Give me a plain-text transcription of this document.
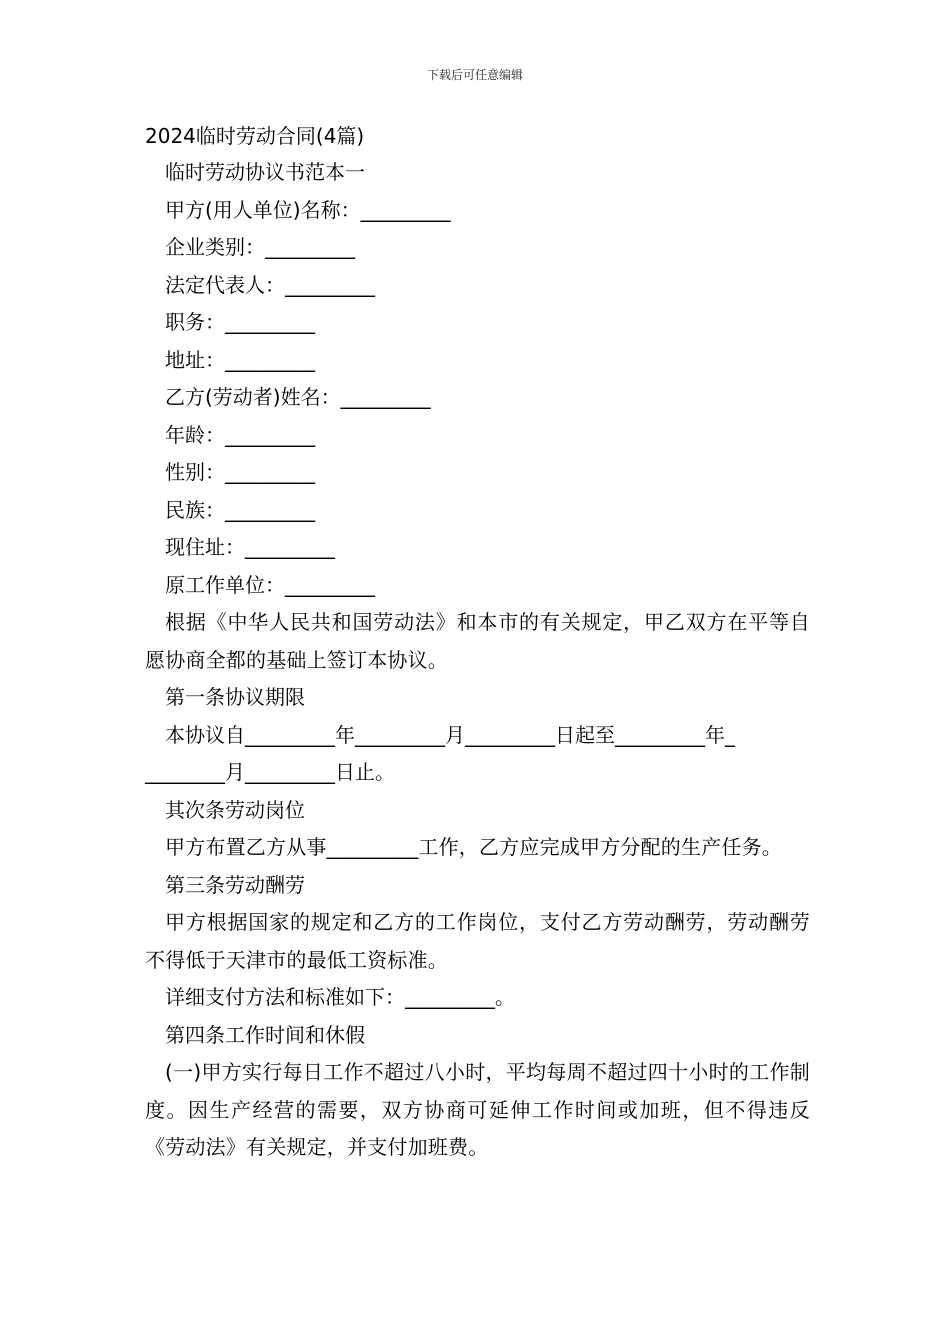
下载后可任意编辑
2024临时劳动合同(4篇)
临时劳动协议书范本一
甲方(用人单位)名称：_________
企业类别：_________
法定代表人：_________
职务：_________
地址：_________
乙方(劳动者)姓名：_________
年龄：_________
性别：_________
民族：_________
现住址：_________
原工作单位：_________

根据《中华人民共和国劳动法》和本市的有关规定，甲乙双方在平等自愿协商全都的基础上签订本协议。

第一条协议期限
本协议自_________年_________月_________日起至_________年_
________月_________日止。
其次条劳动岗位

甲方布置乙方从事_________工作，乙方应完成甲方分配的生产任务。

第三条劳动酬劳

甲方根据国家的规定和乙方的工作岗位，支付乙方劳动酬劳，劳动酬劳不得低于天津市的最低工资标准。

详细支付方法和标准如下：_________。
第四条工作时间和休假

(一)甲方实行每日工作不超过八小时，平均每周不超过四十小时的工作制度。因生产经营的需要，双方协商可延伸工作时间或加班，但不得违反《劳动法》有关规定，并支付加班费。
